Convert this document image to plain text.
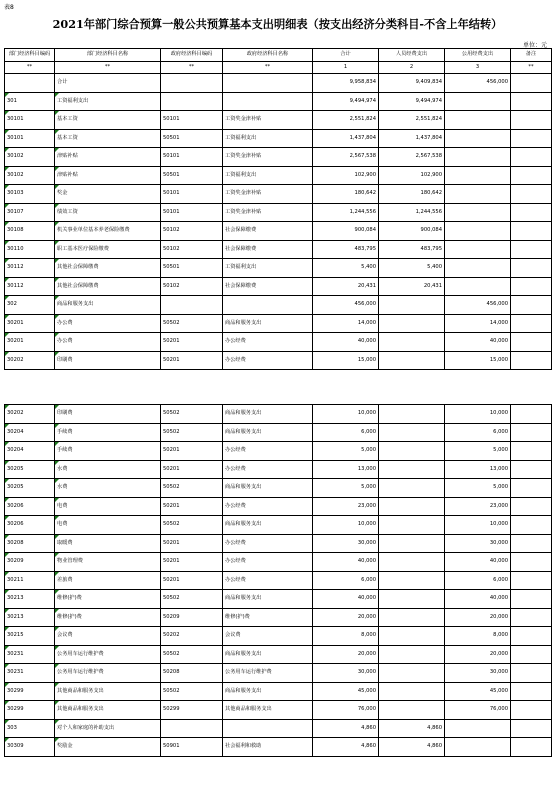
表8
2021年部门综合预算一般公共预算基本支出明细表（按支出经济分类科目-不含上年结转）
单位：元
部门经济科目编码	部门经济科目名称	政府经济科目编码	政府经济科目名称	合计	人员经费支出	公用经费支出	备注
**	**	**	**	1	2	3	**
	合计			9,958,834	9,409,834	456,000	
301	工资福利支出			9,494,974	9,494,974		
30101	基本工资	50101	工资奖金津补贴	2,551,824	2,551,824		
30101	基本工资	50501	工资福利支出	1,437,804	1,437,804		
30102	津贴补贴	50101	工资奖金津补贴	2,567,538	2,567,538		
30102	津贴补贴	50501	工资福利支出	102,900	102,900		
30103	奖金	50101	工资奖金津补贴	180,642	180,642		
30107	绩效工资	50101	工资奖金津补贴	1,244,556	1,244,556		
30108	机关事业单位基本养老保险缴费	50102	社会保障缴费	900,084	900,084		
30110	职工基本医疗保险缴费	50102	社会保障缴费	483,795	483,795		
30112	其他社会保障缴费	50501	工资福利支出	5,400	5,400		
30112	其他社会保障缴费	50102	社会保障缴费	20,431	20,431		
302	商品和服务支出			456,000		456,000	
30201	办公费	50502	商品和服务支出	14,000		14,000	
30201	办公费	50201	办公经费	40,000		40,000	
30202	印刷费	50201	办公经费	15,000		15,000	
30202	印刷费	50502	商品和服务支出	10,000		10,000	
30204	手续费	50502	商品和服务支出	6,000		6,000	
30204	手续费	50201	办公经费	5,000		5,000	
30205	水费	50201	办公经费	13,000		13,000	
30205	水费	50502	商品和服务支出	5,000		5,000	
30206	电费	50201	办公经费	23,000		23,000	
30206	电费	50502	商品和服务支出	10,000		10,000	
30208	取暖费	50201	办公经费	30,000		30,000	
30209	物业管理费	50201	办公经费	40,000		40,000	
30211	差旅费	50201	办公经费	6,000		6,000	
30213	维修(护)费	50502	商品和服务支出	40,000		40,000	
30213	维修(护)费	50209	维修(护)费	20,000		20,000	
30215	会议费	50202	会议费	8,000		8,000	
30231	公务用车运行维护费	50502	商品和服务支出	20,000		20,000	
30231	公务用车运行维护费	50208	公务用车运行维护费	30,000		30,000	
30299	其他商品和服务支出	50502	商品和服务支出	45,000		45,000	
30299	其他商品和服务支出	50299	其他商品和服务支出	76,000		76,000	
303	对个人和家庭的补助支出			4,860	4,860		
30309	奖励金	50901	社会福利和救助	4,860	4,860		
